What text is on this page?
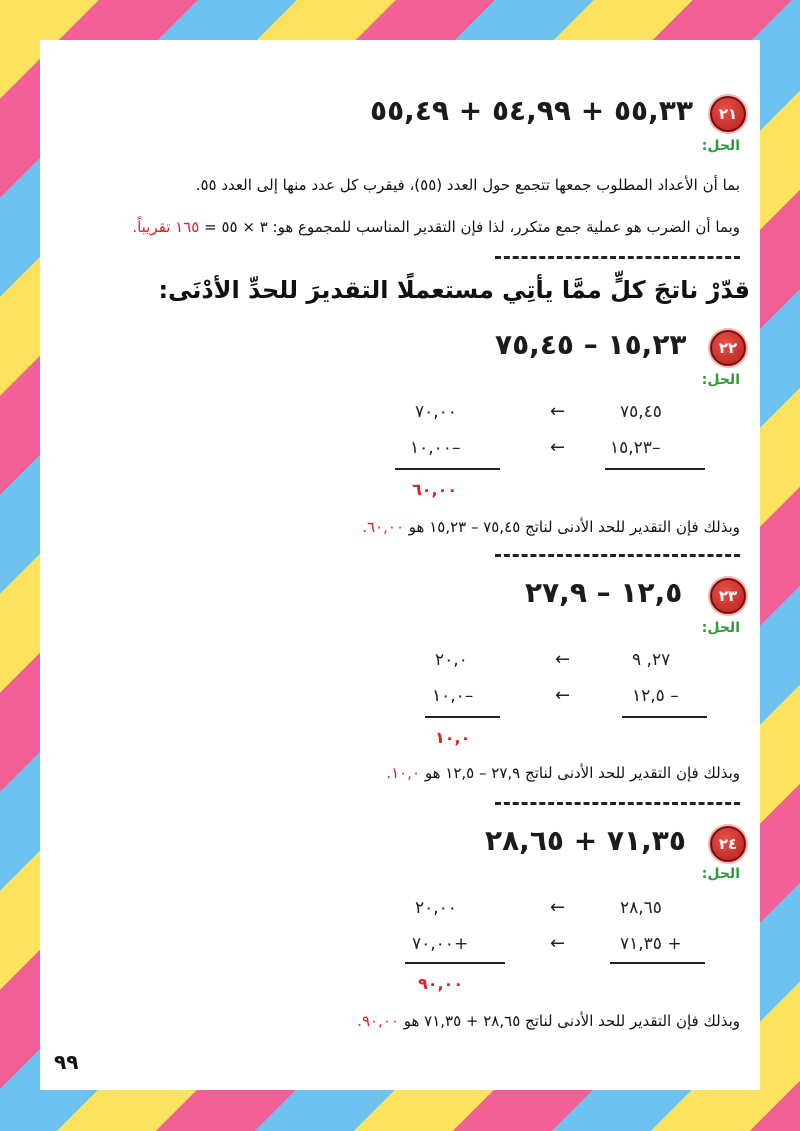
٢١
٥٥,٣٣ + ٥٤,٩٩ + ٥٥,٤٩
الحل:
بما أن الأعداد المطلوب جمعها تتجمع حول العدد (٥٥)، فيقرب كل عدد منها إلى العدد ٥٥.
وبما أن الضرب هو عملية جمع متكرر، لذا فإن التقدير المناسب للمجموع هو: ٣ × ٥٥ = ١٦٥ تقريباً.
قدّرْ ناتجَ كلٍّ ممَّا يأتِي مستعملًا التقديرَ للحدِّ الأدْنَى:
٢٢
١٥,٢٣ – ٧٥,٤٥
الحل:
٧٥,٤٥
←
٧٠,٠٠
١٥,٢٣–
←
١٠,٠٠–
٦٠,٠٠
وبذلك فإن التقدير للحد الأدنى لناتج ٧٥,٤٥ – ١٥,٢٣ هو ٦٠,٠٠.
٢٣
١٢,٥ – ٢٧,٩
الحل:
٢٧, ٩
←
٢٠,٠
١٢,٥ –
←
١٠,٠–
١٠,٠
وبذلك فإن التقدير للحد الأدنى لناتج ٢٧,٩ – ١٢,٥ هو ١٠,٠.
٢٤
٧١,٣٥ + ٢٨,٦٥
الحل:
٢٨,٦٥
←
٢٠,٠٠
٧١,٣٥ +
←
٧٠,٠٠+
٩٠,٠٠
وبذلك فإن التقدير للحد الأدنى لناتج ٢٨,٦٥ + ٧١,٣٥ هو ٩٠,٠٠.
٩٩
